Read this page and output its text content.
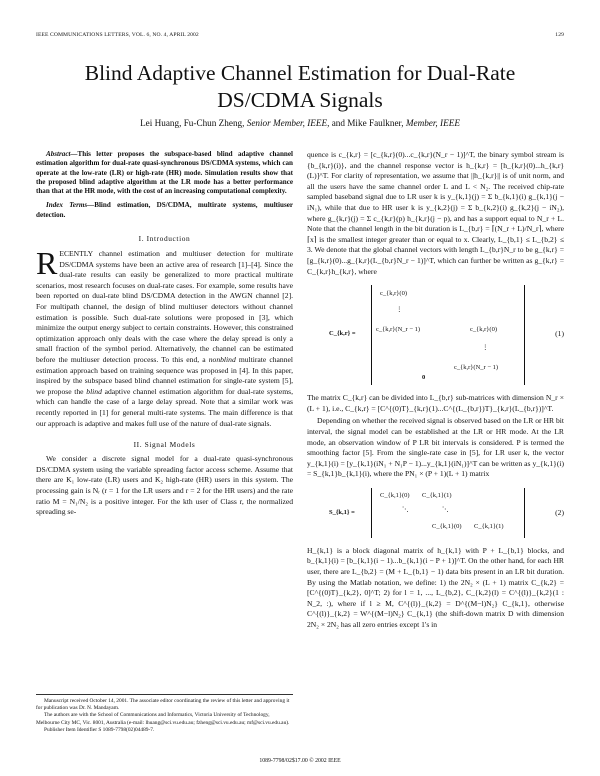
IEEE COMMUNICATIONS LETTERS, VOL. 6, NO. 4, APRIL 2002	129
Blind Adaptive Channel Estimation for Dual-Rate
DS/CDMA Signals
Lei Huang, Fu-Chun Zheng, Senior Member, IEEE, and Mike Faulkner, Member, IEEE
Abstract—This letter proposes the subspace-based blind adaptive channel estimation algorithm for dual-rate quasi-synchronous DS/CDMA systems, which can operate at the low-rate (LR) or high-rate (HR) mode. Simulation results show that the proposed blind adaptive algorithm at the LR mode has a better performance than that at the HR mode, with the cost of an increasing computational complexity.
Index Terms—Blind estimation, DS/CDMA, multirate systems, multiuser detection.
I. Introduction
RECENTLY channel estimation and multiuser detection for multirate DS/CDMA systems have been an active area of research [1]–[4]. Since the dual-rate results can easily be generalized to more practical multirate scenarios, most research focuses on dual-rate cases. For example, some results have been reported on dual-rate blind DS/CDMA detection in the AWGN channel [2]. For multipath channel, the design of blind multiuser detectors without channel estimation is possible. Such dual-rate solutions were proposed in [3], which minimize the output energy subject to certain constraints. However, this constrained optimization approach only deals with the case where the delay spread is only a small fraction of the symbol period. Alternatively, the channel can be estimated before the multiuser detection process. To this end, a nonblind multirate channel estimation approach based on training sequence was proposed in [4]. In this paper, inspired by the subspace based blind channel estimation for single-rate system [5], we propose the blind adaptive channel estimation algorithm for dual-rate systems, which can handle the case of a large delay spread. Note that a similar work was recently reported in [1] for general multi-rate systems. The main difference is that our approach is adaptive and makes full use of the nature of dual-rate signals.
II. Signal Models
We consider a discrete signal model for a dual-rate quasi-synchronous DS/CDMA system using the variable spreading factor access scheme. Assume that there are K₁ low-rate (LR) users and K₂ high-rate (HR) users in this system. The processing gain is Nᵣ (r = 1 for the LR users and r = 2 for the HR users) and the rate ratio M = N₁/N₂ is a positive integer. For the kth user of Class r, the normalized spreading se-
Manuscript received October 14, 2001. The associate editor coordinating the review of this letter and approving it for publication was Dr. N. Mandayam.
The authors are with the School of Communications and Informatics, Victoria University of Technology, Melbourne City MC, Vic. 8001, Australia (e-mail: lhuang@sci.vu.edu.au; fzheng@sci.vu.edu.au; mf@sci.vu.edu.au).
Publisher Item Identifier S 1089-7798(02)04489-7.
quence is c_{k,r} = [c_{k,r}(0)...c_{k,r}(N_r − 1)]^T, the binary symbol stream is {b_{k,r}(i)}, and the channel response vector is h_{k,r} = [h_{k,r}(0)...h_{k,r}(L)]^T. For clarity of representation, we assume that ||h_{k,r}|| is of unit norm, and all the users have the same channel order L and L < N₂. The received chip-rate sampled baseband signal due to LR user k is y_{k,1}(j) = Σ b_{k,1}(i) g_{k,1}(j − iN₁), while that due to HR user k is y_{k,2}(j) = Σ b_{k,2}(i) g_{k,2}(j − iN₂), where g_{k,r}(j) = Σ c_{k,r}(p) h_{k,r}(j − p), and has a support equal to N_r + L. Note that the channel length in the bit duration is L_{b,r} = ⌈(N_r + L)/N_r⌉, where ⌈x⌉ is the smallest integer greater than or equal to x. Clearly, L_{b,1} ≤ L_{b,2} ≤ 3. We denote that the global channel vectors with length L_{b,r}N_r to be g_{k,r} = [g_{k,r}(0)...g_{k,r}(L_{b,r}N_r − 1)]^T, which can further be written as g_{k,r} = C_{k,r}h_{k,r}, where
C_{k,r} =
c_{k,r}(0)
⋮
c_{k,r}(N_r − 1)	c_{k,r}(0)
⋮
c_{k,r}(N_r − 1)
0
(1)
The matrix C_{k,r} can be divided into L_{b,r} sub-matrices with dimension N_r × (L + 1), i.e., C_{k,r} = [C^{(0)T}_{k,r}(1)...C^{(L_{b,r})T}_{k,r}(L_{b,r})]^T.
Depending on whether the received signal is observed based on the LR or HR bit interval, the signal model can be established at the LR or HR mode. At the LR mode, an observation window of P LR bit intervals is considered. P is termed the smoothing factor [5]. From the single-rate case in [5], for LR user k, the vector y_{k,1}(i) = [y_{k,1}(iN₁ + N₁P − 1)...y_{k,1}(iN₁)]^T can be written as y_{k,1}(i) = S_{k,1}b_{k,1}(i), where the PN₁ × (P + 1)(L + 1) matrix
S_{k,1} =
C_{k,1}(0) C_{k,1}(1)
⋱	⋱
C_{k,1}(0) C_{k,1}(1)
(2)
H_{k,1} is a block diagonal matrix of h_{k,1} with P + L_{b,1} blocks, and b_{k,1}(i) = [b_{k,1}(i − 1)...b_{k,1}(i − P + 1)]^T. On the other hand, for each HR user, there are L_{b,2} = (M + L_{b,1} − 1) data bits present in an LR bit duration. By using the Matlab notation, we define: 1) the 2N₂ × (L + 1) matrix C_{k,2} = [C^{(0)T}_{k,2}, 0]^T; 2) for l = 1, ..., L_{b,2}, C_{k,2}(l) = C^{(l)}_{k,2}(1 : N_2, :), where if l ≥ M, C^{(l)}_{k,2} = D^{(M−l)N₂} C_{k,1}, otherwise C^{(l)}_{k,2} = W^{(M−l)N₂} C_{k,1} (the shift-down matrix D with dimension 2N₂ × 2N₂ has all zero entries except 1's in
1089-7798/02$17.00 © 2002 IEEE
